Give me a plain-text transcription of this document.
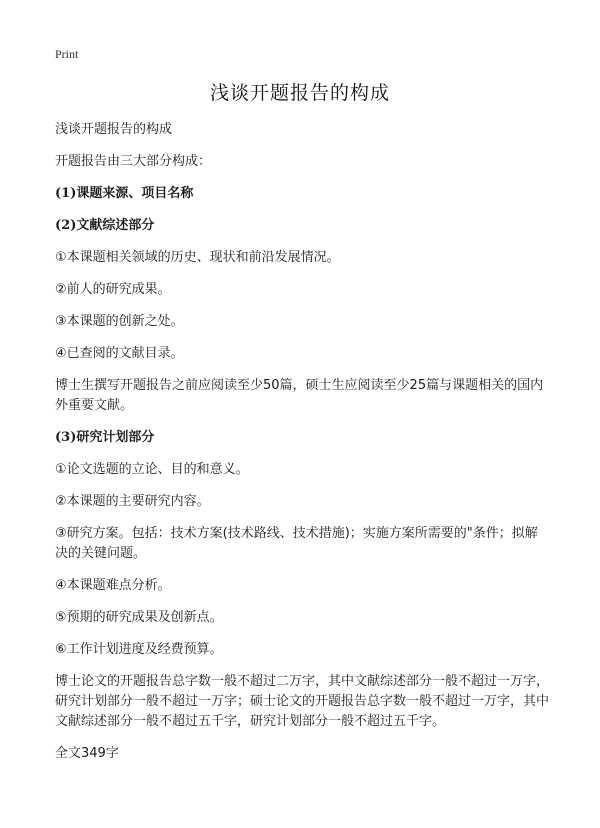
Print
浅谈开题报告的构成

浅谈开题报告的构成

开题报告由三大部分构成：

(1)课题来源、项目名称

(2)文献综述部分

①本课题相关领域的历史、现状和前沿发展情况。

②前人的研究成果。

③本课题的创新之处。

④已查阅的文献目录。

博士生撰写开题报告之前应阅读至少50篇，硕士生应阅读至少25篇与课题相关的国内外重要文献。

(3)研究计划部分

①论文选题的立论、目的和意义。

②本课题的主要研究内容。

③研究方案。包括：技术方案(技术路线、技术措施)；实施方案所需要的"条件；拟解决的关键问题。

④本课题难点分析。

⑤预期的研究成果及创新点。

⑥工作计划进度及经费预算。

博士论文的开题报告总字数一般不超过二万字，其中文献综述部分一般不超过一万字，研究计划部分一般不超过一万字；硕士论文的开题报告总字数一般不超过一万字，其中文献综述部分一般不超过五千字，研究计划部分一般不超过五千字。

全文349字
